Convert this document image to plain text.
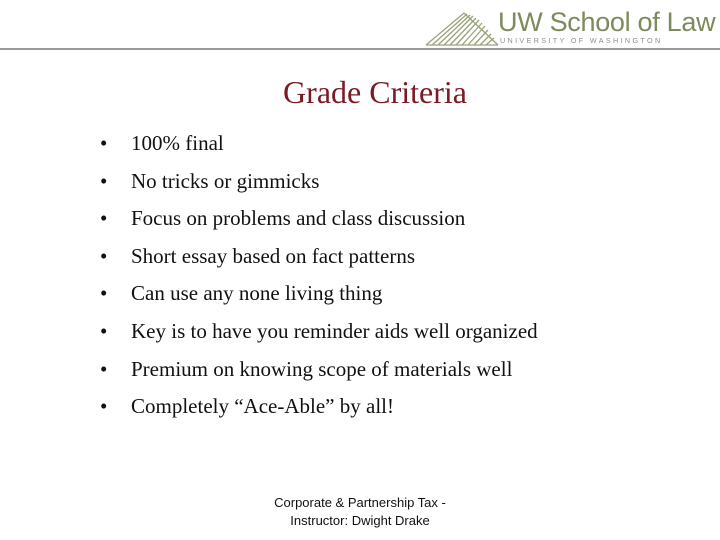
UW School of Law
UNIVERSITY OF WASHINGTON
Grade Criteria
• 100% final
• No tricks or gimmicks
• Focus on problems and class discussion
• Short essay based on fact patterns
• Can use any none living thing
• Key is to have you reminder aids well organized
• Premium on knowing scope of materials well
• Completely “Ace-Able” by all!
Corporate & Partnership Tax -
Instructor: Dwight Drake
